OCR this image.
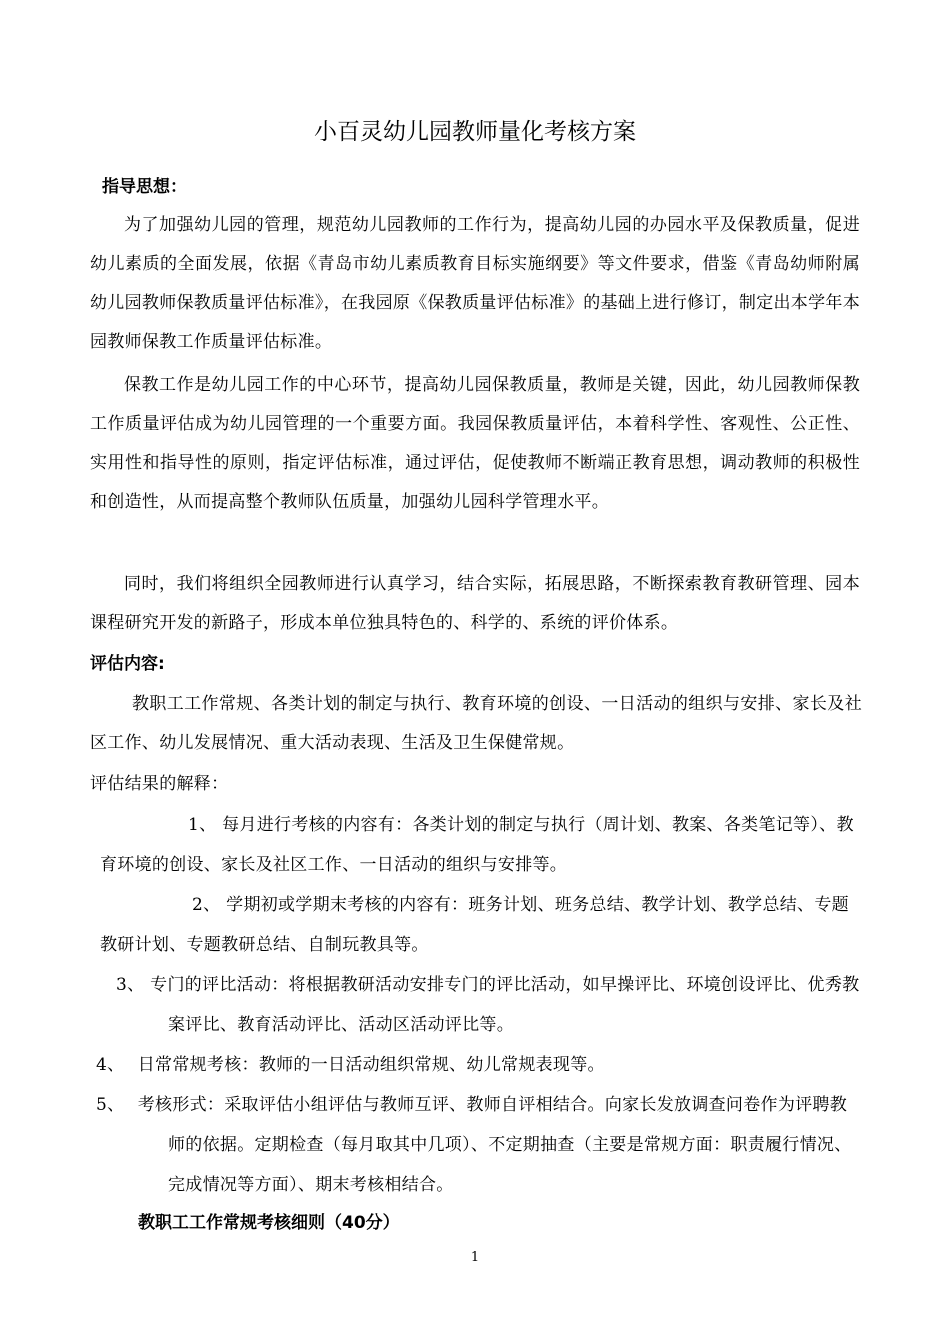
小百灵幼儿园教师量化考核方案
指导思想：
为了加强幼儿园的管理，规范幼儿园教师的工作行为，提高幼儿园的办园水平及保教质量，促进幼儿素质的全面发展，依据《青岛市幼儿素质教育目标实施纲要》等文件要求，借鉴《青岛幼师附属幼儿园教师保教质量评估标准》，在我园原《保教质量评估标准》的基础上进行修订，制定出本学年本园教师保教工作质量评估标准。
保教工作是幼儿园工作的中心环节，提高幼儿园保教质量，教师是关键，因此，幼儿园教师保教工作质量评估成为幼儿园管理的一个重要方面。我园保教质量评估，本着科学性、客观性、公正性、实用性和指导性的原则，指定评估标准，通过评估，促使教师不断端正教育思想，调动教师的积极性和创造性，从而提高整个教师队伍质量，加强幼儿园科学管理水平。
同时，我们将组织全园教师进行认真学习，结合实际，拓展思路，不断探索教育教研管理、园本课程研究开发的新路子，形成本单位独具特色的、科学的、系统的评价体系。
评估内容:
教职工工作常规、各类计划的制定与执行、教育环境的创设、一日活动的组织与安排、家长及社区工作、幼儿发展情况、重大活动表现、生活及卫生保健常规。
评估结果的解释：
1、 每月进行考核的内容有：各类计划的制定与执行（周计划、教案、各类笔记等）、教育环境的创设、家长及社区工作、一日活动的组织与安排等。
2、 学期初或学期末考核的内容有：班务计划、班务总结、教学计划、教学总结、专题教研计划、专题教研总结、自制玩教具等。
3、 专门的评比活动：将根据教研活动安排专门的评比活动，如早操评比、环境创设评比、优秀教案评比、教育活动评比、活动区活动评比等。
4、 日常常规考核：教师的一日活动组织常规、幼儿常规表现等。
5、 考核形式：采取评估小组评估与教师互评、教师自评相结合。向家长发放调查问卷作为评聘教师的依据。定期检查（每月取其中几项）、不定期抽查（主要是常规方面：职责履行情况、完成情况等方面）、期末考核相结合。
教职工工作常规考核细则（40分）
1
